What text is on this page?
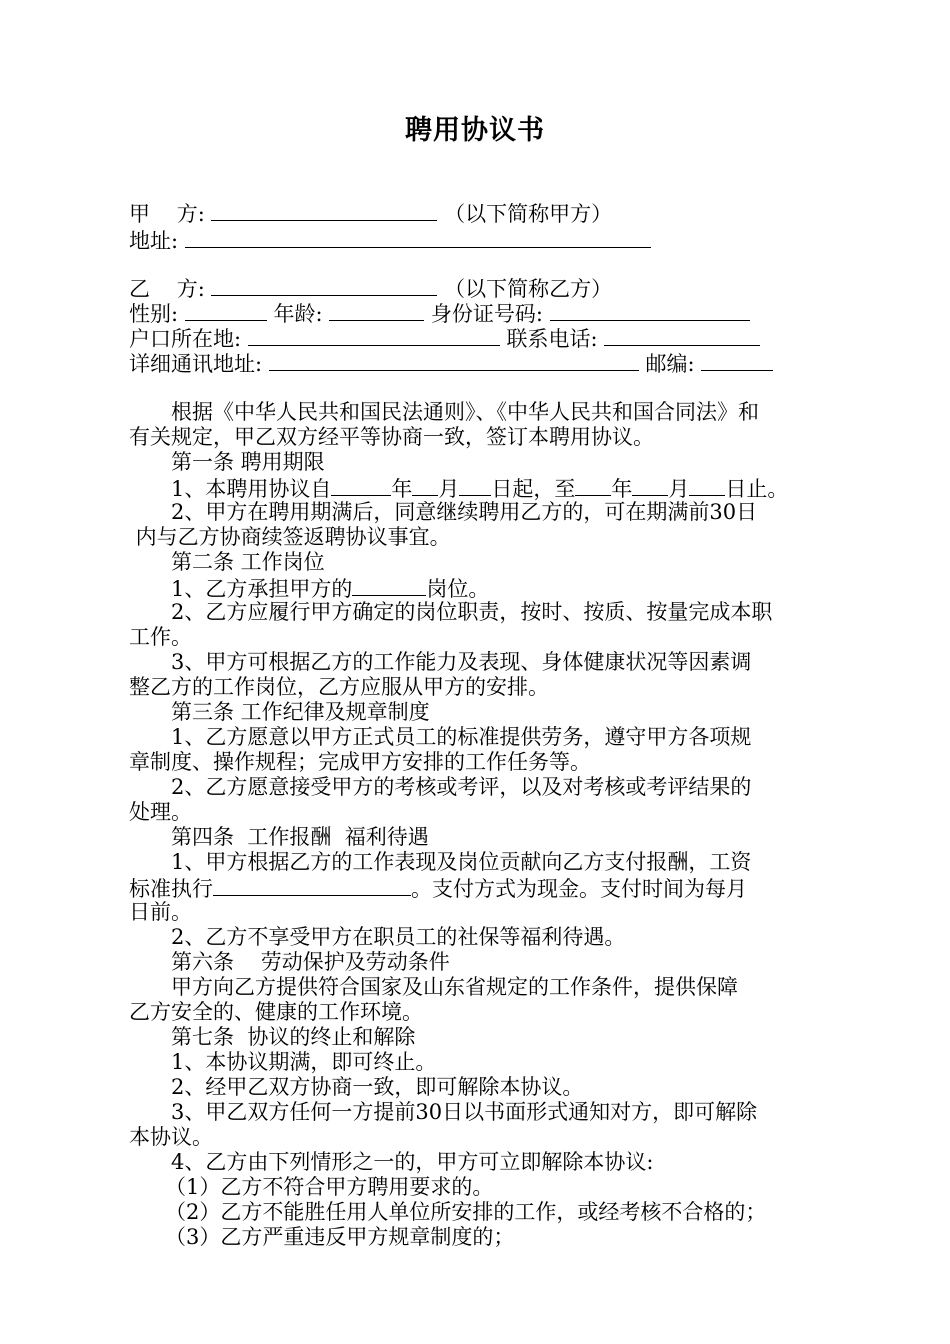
聘用协议书
甲    方:	（以下简称甲方）
地址:
乙    方:	（以下简称乙方）
性别:	年龄:	身份证号码:
户口所在地:	联系电话:
详细通讯地址:	邮编:
根据《中华人民共和国民法通则》、《中华人民共和国合同法》和
有关规定，甲乙双方经平等协商一致，签订本聘用协议。
第一条 聘用期限
1、本聘用协议自	年 月 日起，至 年 月 日止。
2、甲方在聘用期满后，同意继续聘用乙方的，可在期满前30日
内与乙方协商续签返聘协议事宜。
第二条 工作岗位
1、乙方承担甲方的	岗位。
2、乙方应履行甲方确定的岗位职责，按时、按质、按量完成本职
工作。
3、甲方可根据乙方的工作能力及表现、身体健康状况等因素调
整乙方的工作岗位，乙方应服从甲方的安排。
第三条 工作纪律及规章制度
1、乙方愿意以甲方正式员工的标准提供劳务，遵守甲方各项规
章制度、操作规程；完成甲方安排的工作任务等。
2、乙方愿意接受甲方的考核或考评，以及对考核或考评结果的
处理。
第四条  工作报酬  福利待遇
1、甲方根据乙方的工作表现及岗位贡献向乙方支付报酬，工资
标准执行	。支付方式为现金。支付时间为每月
日前。
2、乙方不享受甲方在职员工的社保等福利待遇。
第六条    劳动保护及劳动条件
甲方向乙方提供符合国家及山东省规定的工作条件，提供保障
乙方安全的、健康的工作环境。
第七条  协议的终止和解除
1、本协议期满，即可终止。
2、经甲乙双方协商一致，即可解除本协议。
3、甲乙双方任何一方提前30日以书面形式通知对方，即可解除
本协议。
4、乙方由下列情形之一的，甲方可立即解除本协议:
（1）乙方不符合甲方聘用要求的。
（2）乙方不能胜任用人单位所安排的工作，或经考核不合格的；
（3）乙方严重违反甲方规章制度的；
